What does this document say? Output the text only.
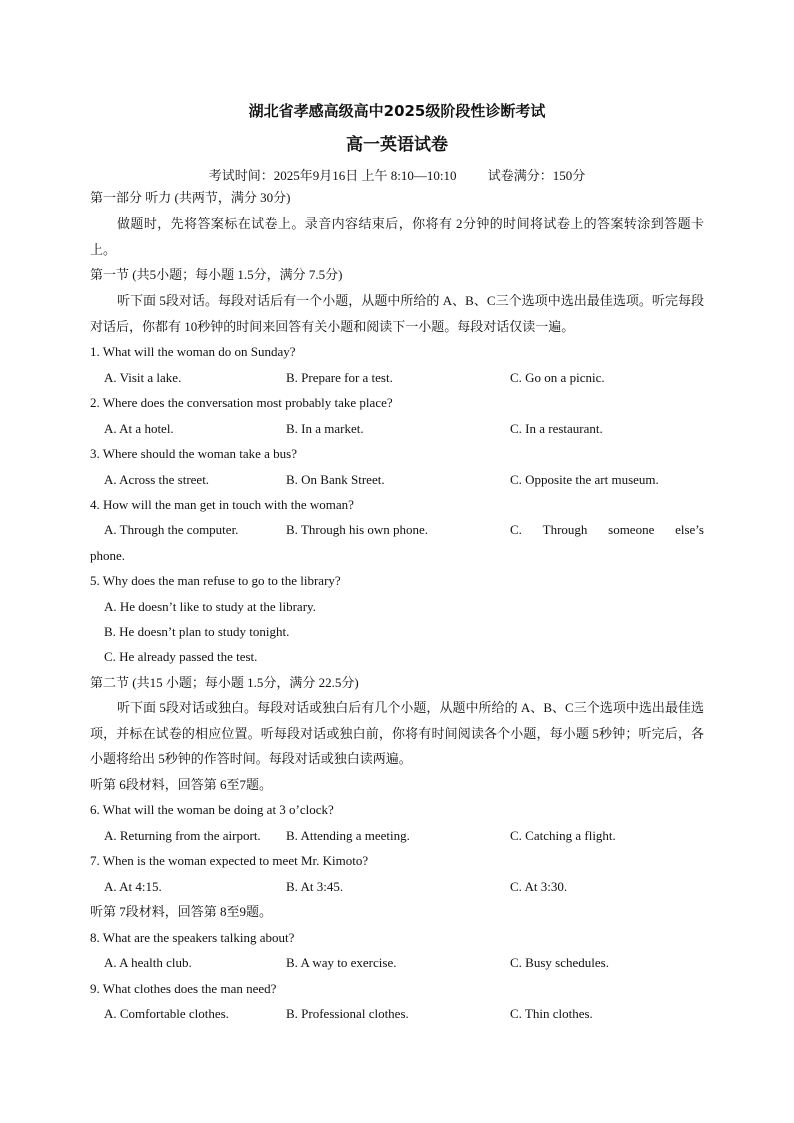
湖北省孝感高级高中2025级阶段性诊断考试
高一英语试卷
考试时间：2025年9月16日 上午 8:10—10:10 试卷满分：150分
第一部分 听力 (共两节，满分 30分)

做题时，先将答案标在试卷上。录音内容结束后，你将有 2分钟的时间将试卷上的答案转涂到答题卡上。

第一节 (共5小题；每小题 1.5分，满分 7.5分)

听下面 5段对话。每段对话后有一个小题，从题中所给的 A、B、C三个选项中选出最佳选项。听完每段对话后，你都有 10秒钟的时间来回答有关小题和阅读下一小题。每段对话仅读一遍。

1. What will the woman do on Sunday?
A. Visit a lake.	B. Prepare for a test.	C. Go on a picnic.
2. Where does the conversation most probably take place?
A. At a hotel.	B. In a market.	C. In a restaurant.
3. Where should the woman take a bus?
A. Across the street.	B. On Bank Street.	C. Opposite the art museum.
4. How will the man get in touch with the woman?
A. Through the computer.	B. Through his own phone.	C. Through someone else’s
phone.
5. Why does the man refuse to go to the library?
A. He doesn’t like to study at the library.
B. He doesn’t plan to study tonight.
C. He already passed the test.
第二节 (共15 小题；每小题 1.5分，满分 22.5分)

听下面 5段对话或独白。每段对话或独白后有几个小题，从题中所给的 A、B、C三个选项中选出最佳选项，并标在试卷的相应位置。听每段对话或独白前，你将有时间阅读各个小题，每小题 5秒钟；听完后，各小题将给出 5秒钟的作答时间。每段对话或独白读两遍。

听第 6段材料，回答第 6至7题。
6. What will the woman be doing at 3 o’clock?
A. Returning from the airport. B. Attending a meeting.	C. Catching a flight.
7. When is the woman expected to meet Mr. Kimoto?
A. At 4:15.	B. At 3:45.	C. At 3:30.
听第 7段材料，回答第 8至9题。
8. What are the speakers talking about?
A. A health club.	B. A way to exercise.	C. Busy schedules.
9. What clothes does the man need?
A. Comfortable clothes.	B. Professional clothes.	C. Thin clothes.
